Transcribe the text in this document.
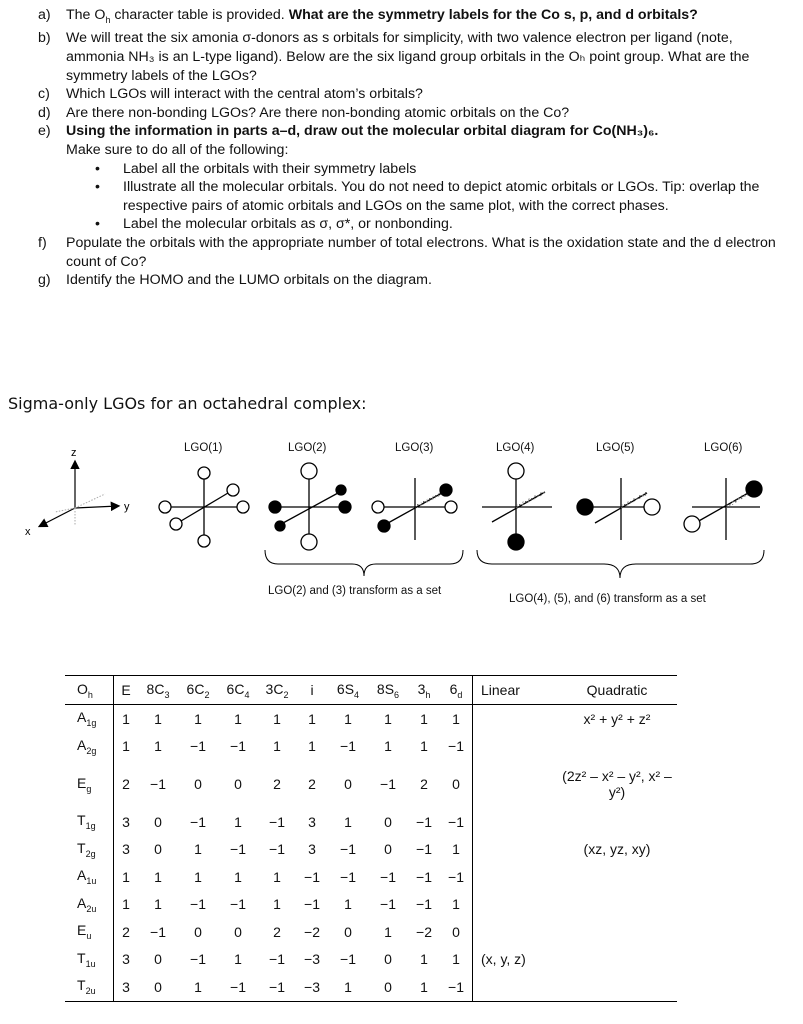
a)	The $O_h$ character table is provided. What are the symmetry labels for the Co s, p, and d orbitals?
b)	We will treat the six amonia σ-donors as s orbitals for simplicity, with two valence electron per ligand (note, ammonia NH₃ is an L-type ligand). Below are the six ligand group orbitals in the Oₕ point group. What are the symmetry labels of the LGOs?
c)	Which LGOs will interact with the central atom’s orbitals?
d)	Are there non-bonding LGOs? Are there non-bonding atomic orbitals on the Co?
e)	Using the information in parts a–d, draw out the molecular orbital diagram for Co(NH₃)₆.
Make sure to do all of the following:
•
Label all the orbitals with their symmetry labels
•
Illustrate all the molecular orbitals. You do not need to depict atomic orbitals or LGOs. Tip: overlap the respective pairs of atomic orbitals and LGOs on the same plot, with the correct phases.
•
Label the molecular orbitals as σ, σ*, or nonbonding.
f)	Populate the orbitals with the appropriate number of total electrons. What is the oxidation state and the d electron count of Co?
g)	Identify the HOMO and the LUMO orbitals on the diagram.
Sigma-only LGOs for an octahedral complex:
LGO(1)	LGO(2)	LGO(3)	LGO(4)	LGO(5)	LGO(6)
z
y
x
LGO(2) and (3) transform as a set
LGO(4), (5), and (6) transform as a set
$O_h$	E	$8C_3$	$6C_2$	$6C_4$	$3C_2$	i	$6S_4$	$8S_6$	$3_h$	$6_d$	Linear	Quadratic
$A_{1g}$	1	1	1	1	1	1	1	1	1	1		x² + y² + z²
$A_{2g}$	1	1	−1	−1	1	1	−1	1	1	−1		
$E_g$	2	−1	0	0	2	2	0	−1	2	0		(2z² – x² – y², x² – y²)
$T_{1g}$	3	0	−1	1	−1	3	1	0	−1	−1		
$T_{2g}$	3	0	1	−1	−1	3	−1	0	−1	1		(xz, yz, xy)
$A_{1u}$	1	1	1	1	1	−1	−1	−1	−1	−1		
$A_{2u}$	1	1	−1	−1	1	−1	1	−1	−1	1		
$E_u$	2	−1	0	0	2	−2	0	1	−2	0		
$T_{1u}$	3	0	−1	1	−1	−3	−1	0	1	1	(x, y, z)	
$T_{2u}$	3	0	1	−1	−1	−3	1	0	1	−1		
